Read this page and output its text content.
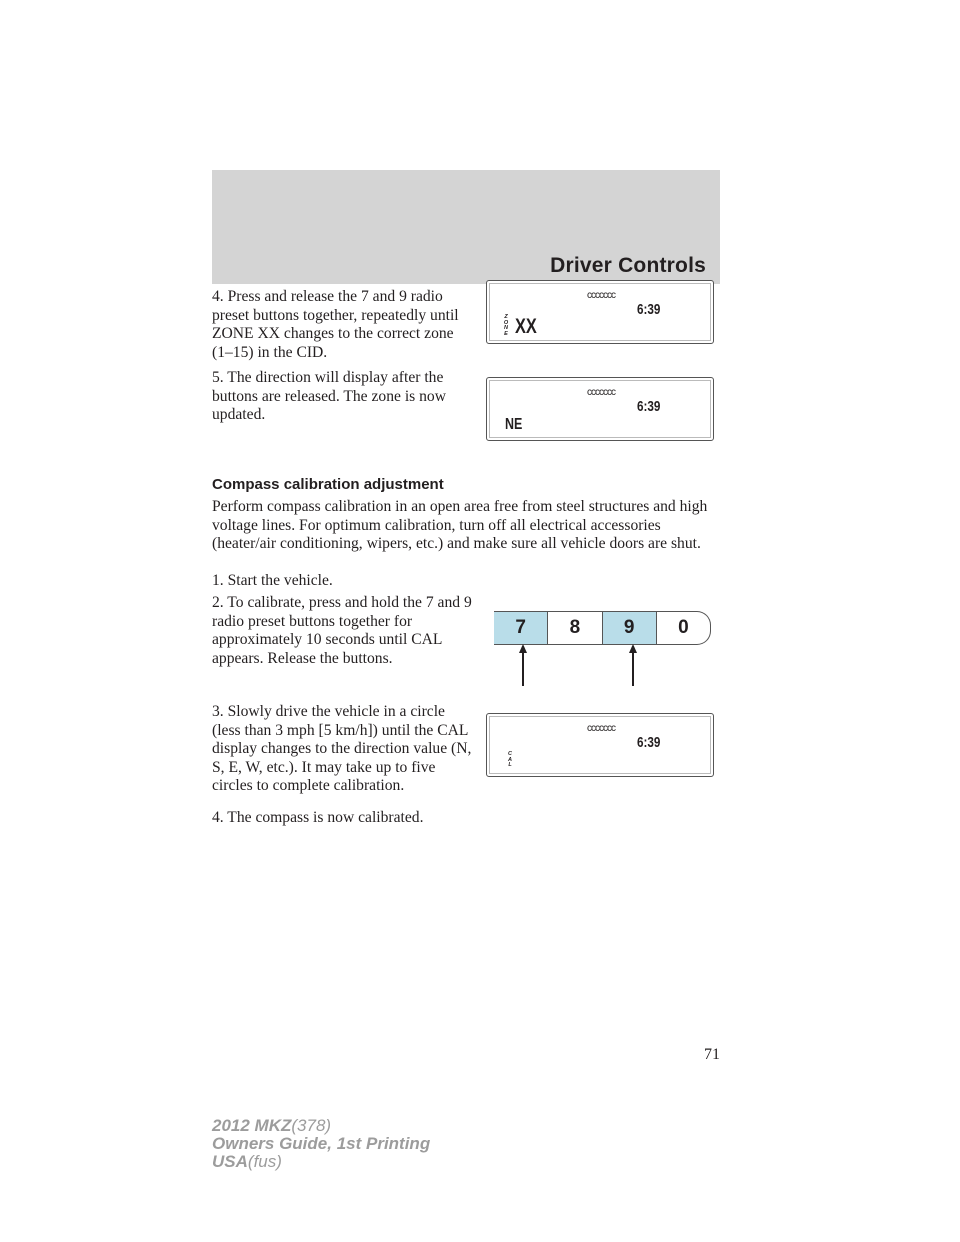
Driver Controls

4. Press and release the 7 and 9 radio preset buttons together, repeatedly until ZONE XX changes to the correct zone (1–15) in the CID.

5. The direction will display after the buttons are released. The zone is now updated.

ccccccc
6:39
Z
O
N
E XX
ccccccc
6:39
NE
Compass calibration adjustment

Perform compass calibration in an open area free from steel structures and high voltage lines. For optimum calibration, turn off all electrical accessories (heater/air conditioning, wipers, etc.) and make sure all vehicle doors are shut.

1. Start the vehicle.

2. To calibrate, press and hold the 7 and 9 radio preset buttons together for approximately 10 seconds until CAL appears. Release the buttons.

7	8	9	0

3. Slowly drive the vehicle in a circle (less than 3 mph [5 km/h]) until the CAL display changes to the direction value (N, S, E, W, etc.). It may take up to five circles to complete calibration.

4. The compass is now calibrated.

ccccccc
6:39
C
A
L

71

2012 MKZ(378)
Owners Guide, 1st Printing
USA(fus)
